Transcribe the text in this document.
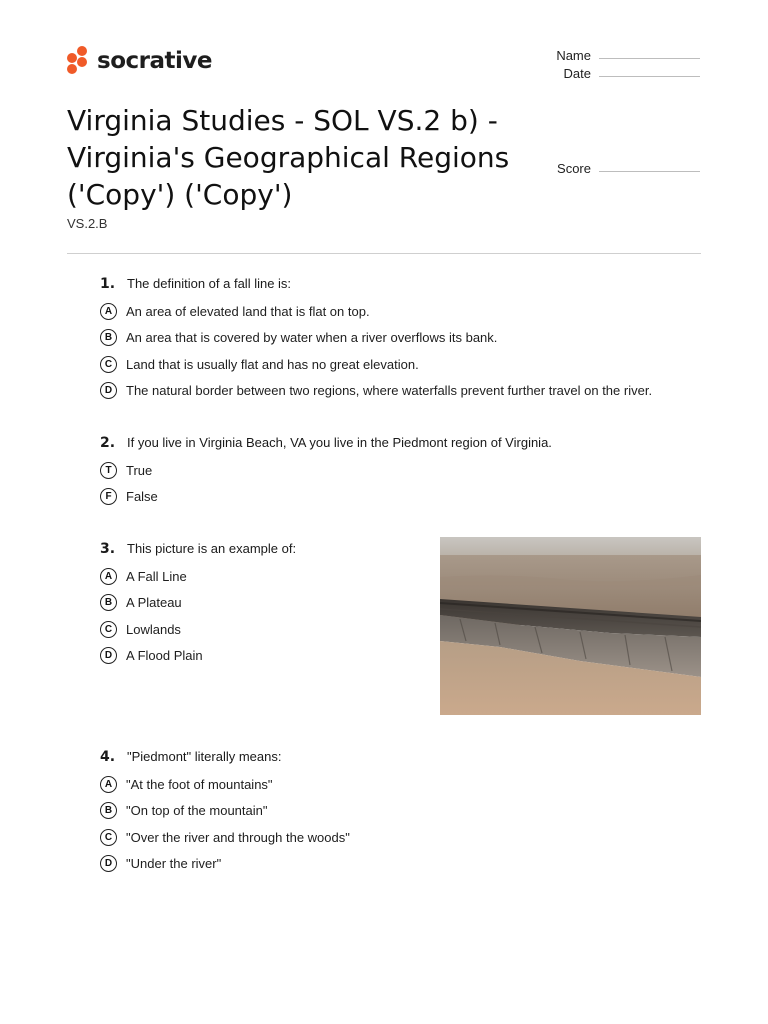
socrative	Name
Date
Score
Virginia Studies - SOL VS.2 b) -
Virginia's Geographical Regions
('Copy') ('Copy')
VS.2.B
1. The definition of a fall line is:
A	An area of elevated land that is flat on top.
B	An area that is covered by water when a river overflows its bank.
C	Land that is usually flat and has no great elevation.
D	The natural border between two regions, where waterfalls prevent further travel on the river.
2. If you live in Virginia Beach, VA you live in the Piedmont region of Virginia.
T	True
F	False
3. This picture is an example of:
A	A Fall Line
B	A Plateau
C	Lowlands
D	A Flood Plain
4. "Piedmont" literally means:
A	"At the foot of mountains"
B	"On top of the mountain"
C	"Over the river and through the woods"
D	"Under the river"
